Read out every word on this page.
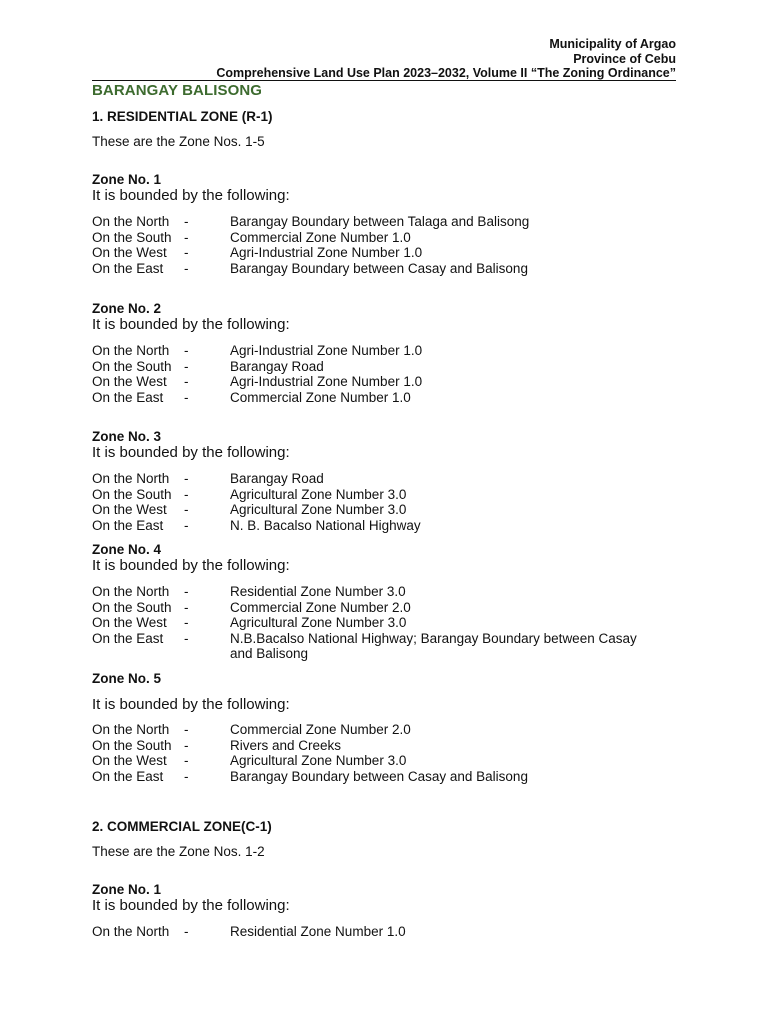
Municipality of Argao
Province of Cebu
Comprehensive Land Use Plan 2023–2032, Volume II “The Zoning Ordinance”
BARANGAY BALISONG
1. RESIDENTIAL ZONE (R-1)
These are the Zone Nos. 1-5
Zone No. 1
It is bounded by the following:
On the North -	Barangay Boundary between Talaga and Balisong
On the South -	Commercial Zone Number 1.0
On the West -	Agri-Industrial Zone Number 1.0
On the East -	Barangay Boundary between Casay and Balisong
Zone No. 2
It is bounded by the following:
On the North -	Agri-Industrial Zone Number 1.0
On the South -	Barangay Road
On the West -	Agri-Industrial Zone Number 1.0
On the East -	Commercial Zone Number 1.0
Zone No. 3
It is bounded by the following:
On the North -	Barangay Road
On the South -	Agricultural Zone Number 3.0
On the West -	Agricultural Zone Number 3.0
On the East -	N. B. Bacalso National Highway
Zone No. 4
It is bounded by the following:
On the North -	Residential Zone Number 3.0
On the South -	Commercial Zone Number 2.0
On the West -	Agricultural Zone Number 3.0
On the East -	N.B.Bacalso National Highway; Barangay Boundary between Casay and Balisong
Zone No. 5
It is bounded by the following:
On the North -	Commercial Zone Number 2.0
On the South -	Rivers and Creeks
On the West -	Agricultural Zone Number 3.0
On the East -	Barangay Boundary between Casay and Balisong
2. COMMERCIAL ZONE(C-1)
These are the Zone Nos. 1-2
Zone No. 1
It is bounded by the following:
On the North -	Residential Zone Number 1.0
